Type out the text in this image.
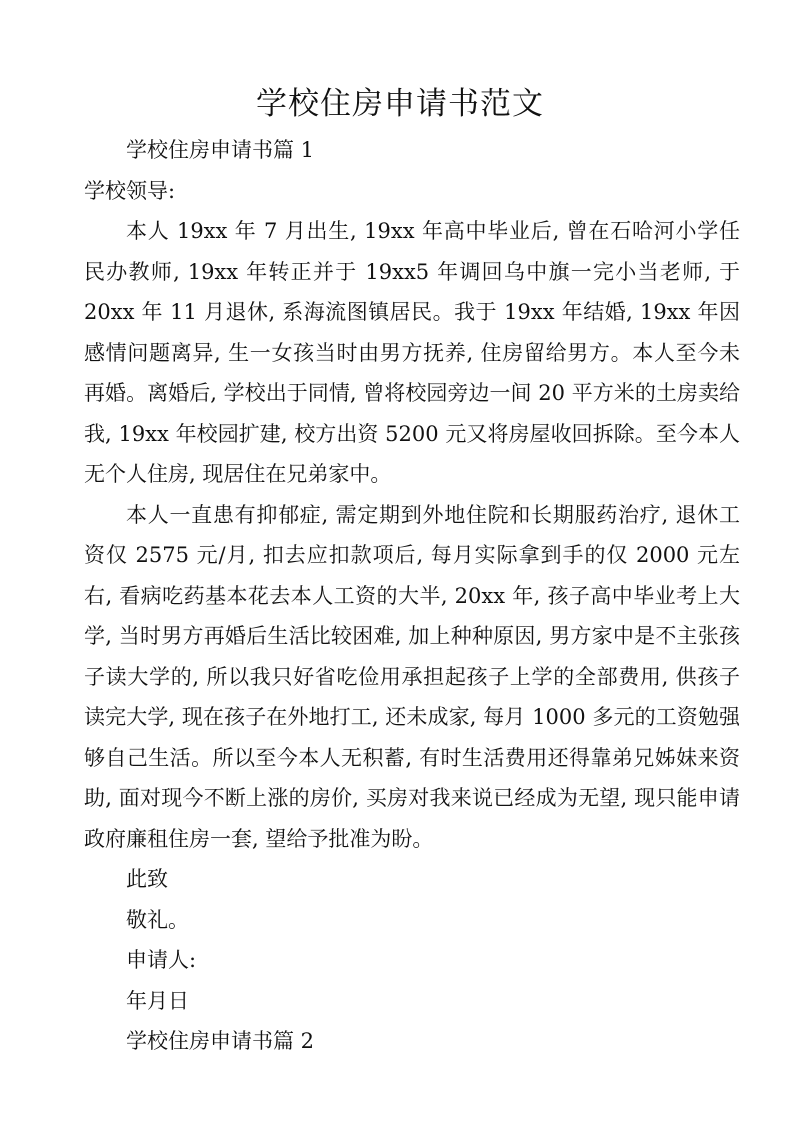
学校住房申请书范文

学校住房申请书篇 1

学校领导:

本人 19xx 年 7 月出生, 19xx 年高中毕业后, 曾在石哈河小学任民办教师, 19xx 年转正并于 19xx5 年调回乌中旗一完小当老师, 于 20xx 年 11 月退休, 系海流图镇居民。我于 19xx 年结婚, 19xx 年因感情问题离异, 生一女孩当时由男方抚养, 住房留给男方。本人至今未再婚。离婚后, 学校出于同情, 曾将校园旁边一间 20 平方米的土房卖给我, 19xx 年校园扩建, 校方出资 5200 元又将房屋收回拆除。至今本人无个人住房, 现居住在兄弟家中。

本人一直患有抑郁症, 需定期到外地住院和长期服药治疗, 退休工资仅 2575 元/月, 扣去应扣款项后, 每月实际拿到手的仅 2000 元左右, 看病吃药基本花去本人工资的大半, 20xx 年, 孩子高中毕业考上大学, 当时男方再婚后生活比较困难, 加上种种原因, 男方家中是不主张孩子读大学的, 所以我只好省吃俭用承担起孩子上学的全部费用, 供孩子读完大学, 现在孩子在外地打工, 还未成家, 每月 1000 多元的工资勉强够自己生活。所以至今本人无积蓄, 有时生活费用还得靠弟兄姊妹来资助, 面对现今不断上涨的房价, 买房对我来说已经成为无望, 现只能申请政府廉租住房一套, 望给予批准为盼。

此致

敬礼。

申请人:

年月日

学校住房申请书篇 2
